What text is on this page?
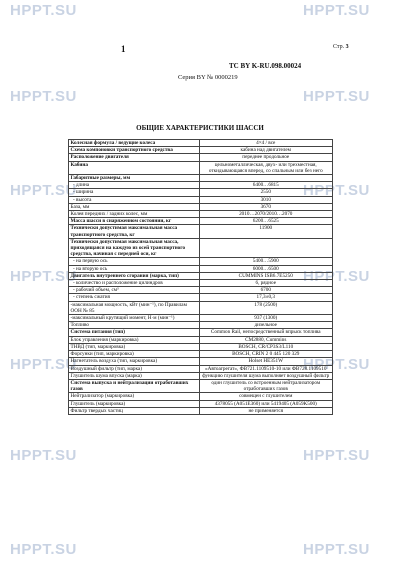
HPPT.SU	HPPT.SU
HPPT.SU	HPPT.SU
HPPT.SU	HPPT.SU
HPPT.SU	HPPT.SU
HPPT.SU	HPPT.SU
HPPT.SU	HPPT.SU
HPPT.SU	HPPT.SU
1	Стр. 3
ТС BY K-RU.098.00024
Серия BY № 0000219
ОБЩИЕ ХАРАКТЕРИСТИКИ ШАССИ
Колесная формула / ведущие колеса	4×4 / все
Схема компоновки транспортного средства	кабина над двигателем
Расположение двигателя	переднее продольное
Кабина	цельнометаллическая, двух- или трехместная, откидывающаяся вперед, со спальным или без него
Габаритные размеры, мм	
- длина	6400…6815
- ширина	2550
- высота	3010
База, мм	3670
Колея передних / задних колес, мм	2010…2070/2010…2070
Масса шасси в снаряженном состоянии, кг	6200…6525
Технически допустимая максимальная масса транспортного средства, кг	11900
Технически допустимая максимальная масса, приходящаяся на каждую из осей транспортного средства, начиная с передней оси, кг	
- на первую ось	5400…5900
- на вторую ось	6000…6500
Двигатель внутреннего сгорания (марка, тип)	CUMMINS ISB6.7E5250
- количество и расположение цилиндров	6, рядное
- рабочий объем, см³	6700
- степень сжатия	17,3±0,3
-максимальная мощность, кВт (мин⁻¹), по Правилам ООН № 85	178 (2500)
-максимальный крутящий момент, Н·м (мин⁻¹)	937 (1300)
Топливо	дизельное
Система питания (тип)	Common Rail, непосредственный впрыск топлива
Блок управления (маркировка)	CM2880, Cummins
ТНВД (тип, маркировка)	BOSCH, CR/CP3S3/L110
Форсунки (тип, маркировка)	BOSCH, CRIN 2 0 445 120 329
Нагнетатель воздуха (тип, маркировка)	Holset HE351W
Воздушный фильтр (тип, марка)	«Автоагрегат», ФВ721.1109510-10 или ФВ728.1109510
Глушитель шума впуска (марка)	функцию глушителя шума выполняет воздушный фильтр
Система выпуска и нейтрализации отработавших газов	один глушитель со встроенным нейтрализатором отработавших газов
Нейтрализатор (маркировка)	совмещен с глушителем
Глушитель (маркировка)	4378055 (A051E360) или 5419405 (A059K500)
Фильтр твердых частиц	не применяется
